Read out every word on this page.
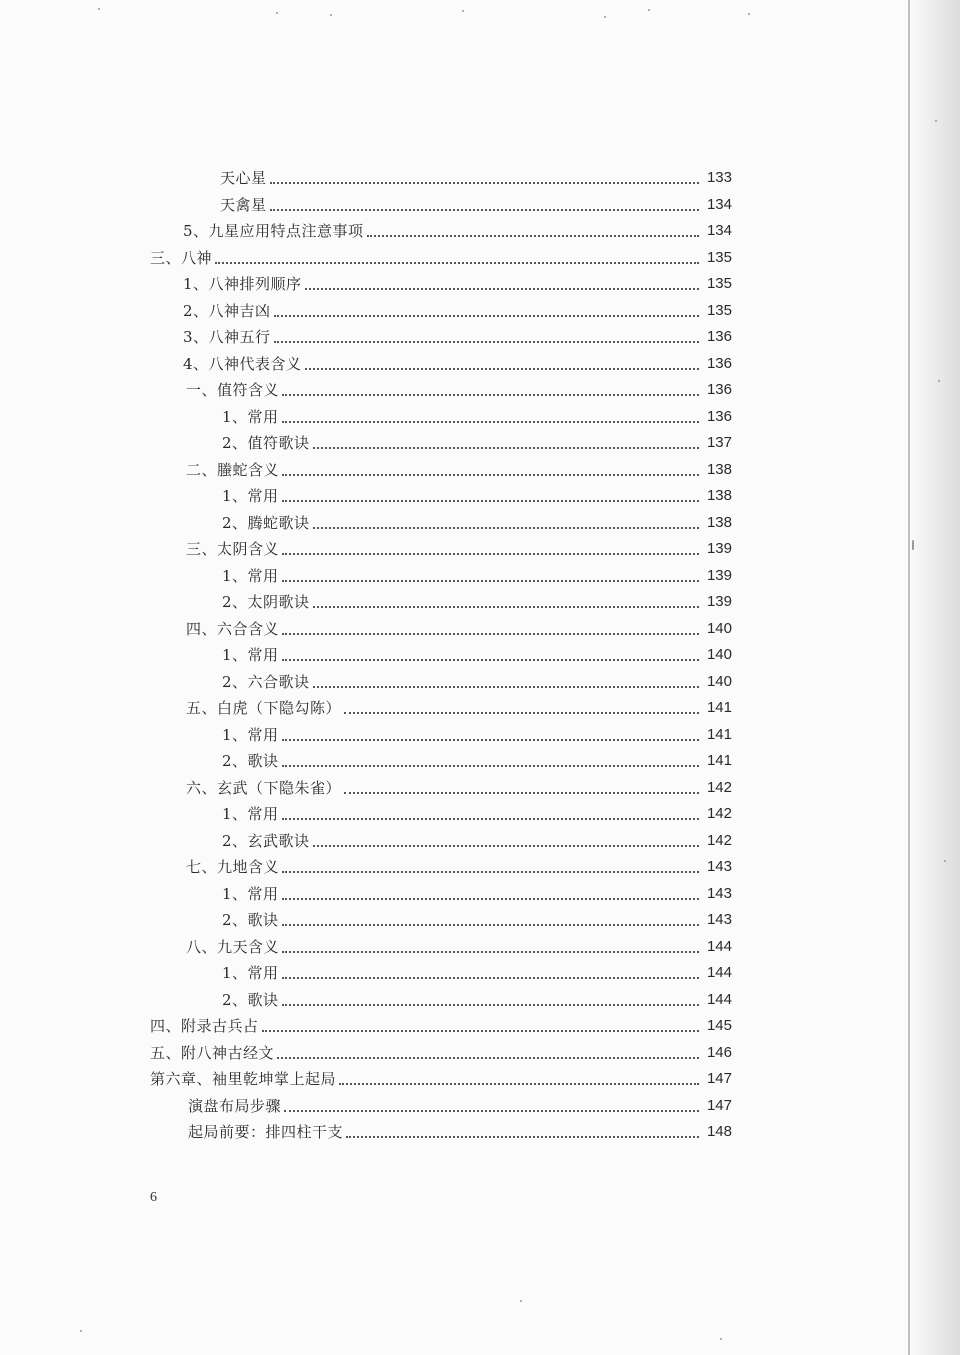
天心星	133
天禽星	134
5、九星应用特点注意事项	134
三、八神	135
1、八神排列顺序	135
2、八神吉凶	135
3、八神五行	136
4、八神代表含义	136
一、值符含义	136
1、常用	136
2、值符歌诀	137
二、螣蛇含义	138
1、常用	138
2、腾蛇歌诀	138
三、太阴含义	139
1、常用	139
2、太阴歌诀	139
四、六合含义	140
1、常用	140
2、六合歌诀	140
五、白虎（下隐勾陈）	141
1、常用	141
2、歌诀	141
六、玄武（下隐朱雀）	142
1、常用	142
2、玄武歌诀	142
七、九地含义	143
1、常用	143
2、歌诀	143
八、九天含义	144
1、常用	144
2、歌诀	144
四、附录古兵占	145
五、附八神古经文	146
第六章、袖里乾坤掌上起局	147
演盘布局步骤	147
起局前要：排四柱干支	148
6
